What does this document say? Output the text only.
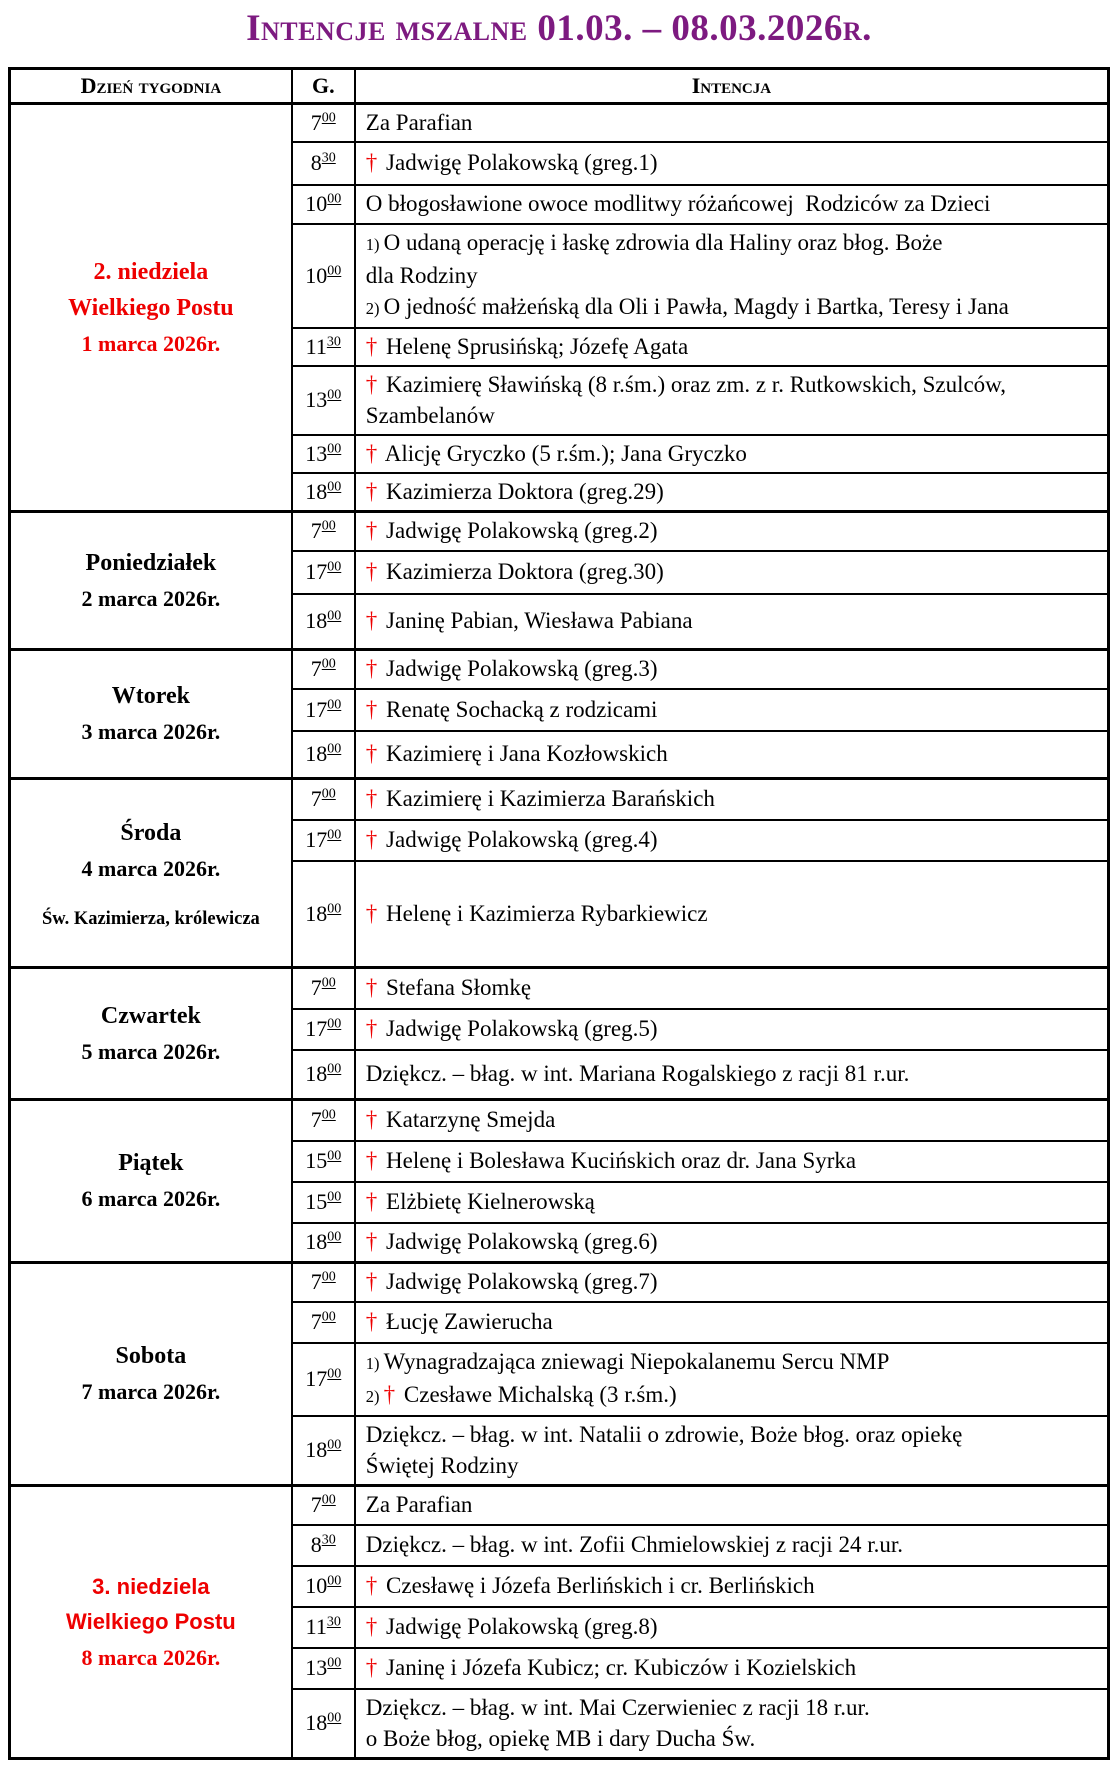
Intencje mszalne 01.03. – 08.03.2026r.
Dzień tygodnia	G.	Intencja

2. niedziela
Wielkiego Postu
1 marca 2026r.	$7^{00}$	Za Parafian

	$8^{30}$	† Jadwigę Polakowską (greg.1)

	$10^{00}$	O błogosławione owoce modlitwy różańcowej  Rodziców za Dzieci

	$10^{00}$	1) O udaną operację i łaskę zdrowia dla Haliny oraz błog. Boże
dla Rodziny
2) O jedność małżeńską dla Oli i Pawła, Magdy i Bartka, Teresy i Jana

	$11^{30}$	† Helenę Sprusińską; Józefę Agata

	$13^{00}$	† Kazimierę Sławińską (8 r.śm.) oraz zm. z r. Rutkowskich, Szulców,
Szambelanów

	$13^{00}$	† Alicję Gryczko (5 r.śm.); Jana Gryczko

	$18^{00}$	† Kazimierza Doktora (greg.29)

Poniedziałek
2 marca 2026r.	$7^{00}$	† Jadwigę Polakowską (greg.2)

	$17^{00}$	† Kazimierza Doktora (greg.30)

	$18^{00}$	† Janinę Pabian, Wiesława Pabiana

Wtorek
3 marca 2026r.	$7^{00}$	† Jadwigę Polakowską (greg.3)

	$17^{00}$	† Renatę Sochacką z rodzicami

	$18^{00}$	† Kazimierę i Jana Kozłowskich

Środa
4 marca 2026r.
Św. Kazimierza, królewicza	$7^{00}$	† Kazimierę i Kazimierza Barańskich

	$17^{00}$	† Jadwigę Polakowską (greg.4)

	$18^{00}$	† Helenę i Kazimierza Rybarkiewicz

Czwartek
5 marca 2026r.	$7^{00}$	† Stefana Słomkę

	$17^{00}$	† Jadwigę Polakowską (greg.5)

	$18^{00}$	Dziękcz. – błag. w int. Mariana Rogalskiego z racji 81 r.ur.

Piątek
6 marca 2026r.	$7^{00}$	† Katarzynę Smejda

	$15^{00}$	† Helenę i Bolesława Kucińskich oraz dr. Jana Syrka

	$15^{00}$	† Elżbietę Kielnerowską

	$18^{00}$	† Jadwigę Polakowską (greg.6)

Sobota
7 marca 2026r.	$7^{00}$	† Jadwigę Polakowską (greg.7)

	$7^{00}$	† Łucję Zawierucha

	$17^{00}$	1) Wynagradzająca zniewagi Niepokalanemu Sercu NMP
2) † Czesławe Michalską (3 r.śm.)

	$18^{00}$	Dziękcz. – błag. w int. Natalii o zdrowie, Boże błog. oraz opiekę
Świętej Rodziny

3. niedziela
Wielkiego Postu
8 marca 2026r.	$7^{00}$	Za Parafian

	$8^{30}$	Dziękcz. – błag. w int. Zofii Chmielowskiej z racji 24 r.ur.

	$10^{00}$	† Czesławę i Józefa Berlińskich i cr. Berlińskich

	$11^{30}$	† Jadwigę Polakowską (greg.8)

	$13^{00}$	† Janinę i Józefa Kubicz; cr. Kubiczów i Kozielskich

	$18^{00}$	Dziękcz. – błag. w int. Mai Czerwieniec z racji 18 r.ur.
o Boże błog, opiekę MB i dary Ducha Św.
